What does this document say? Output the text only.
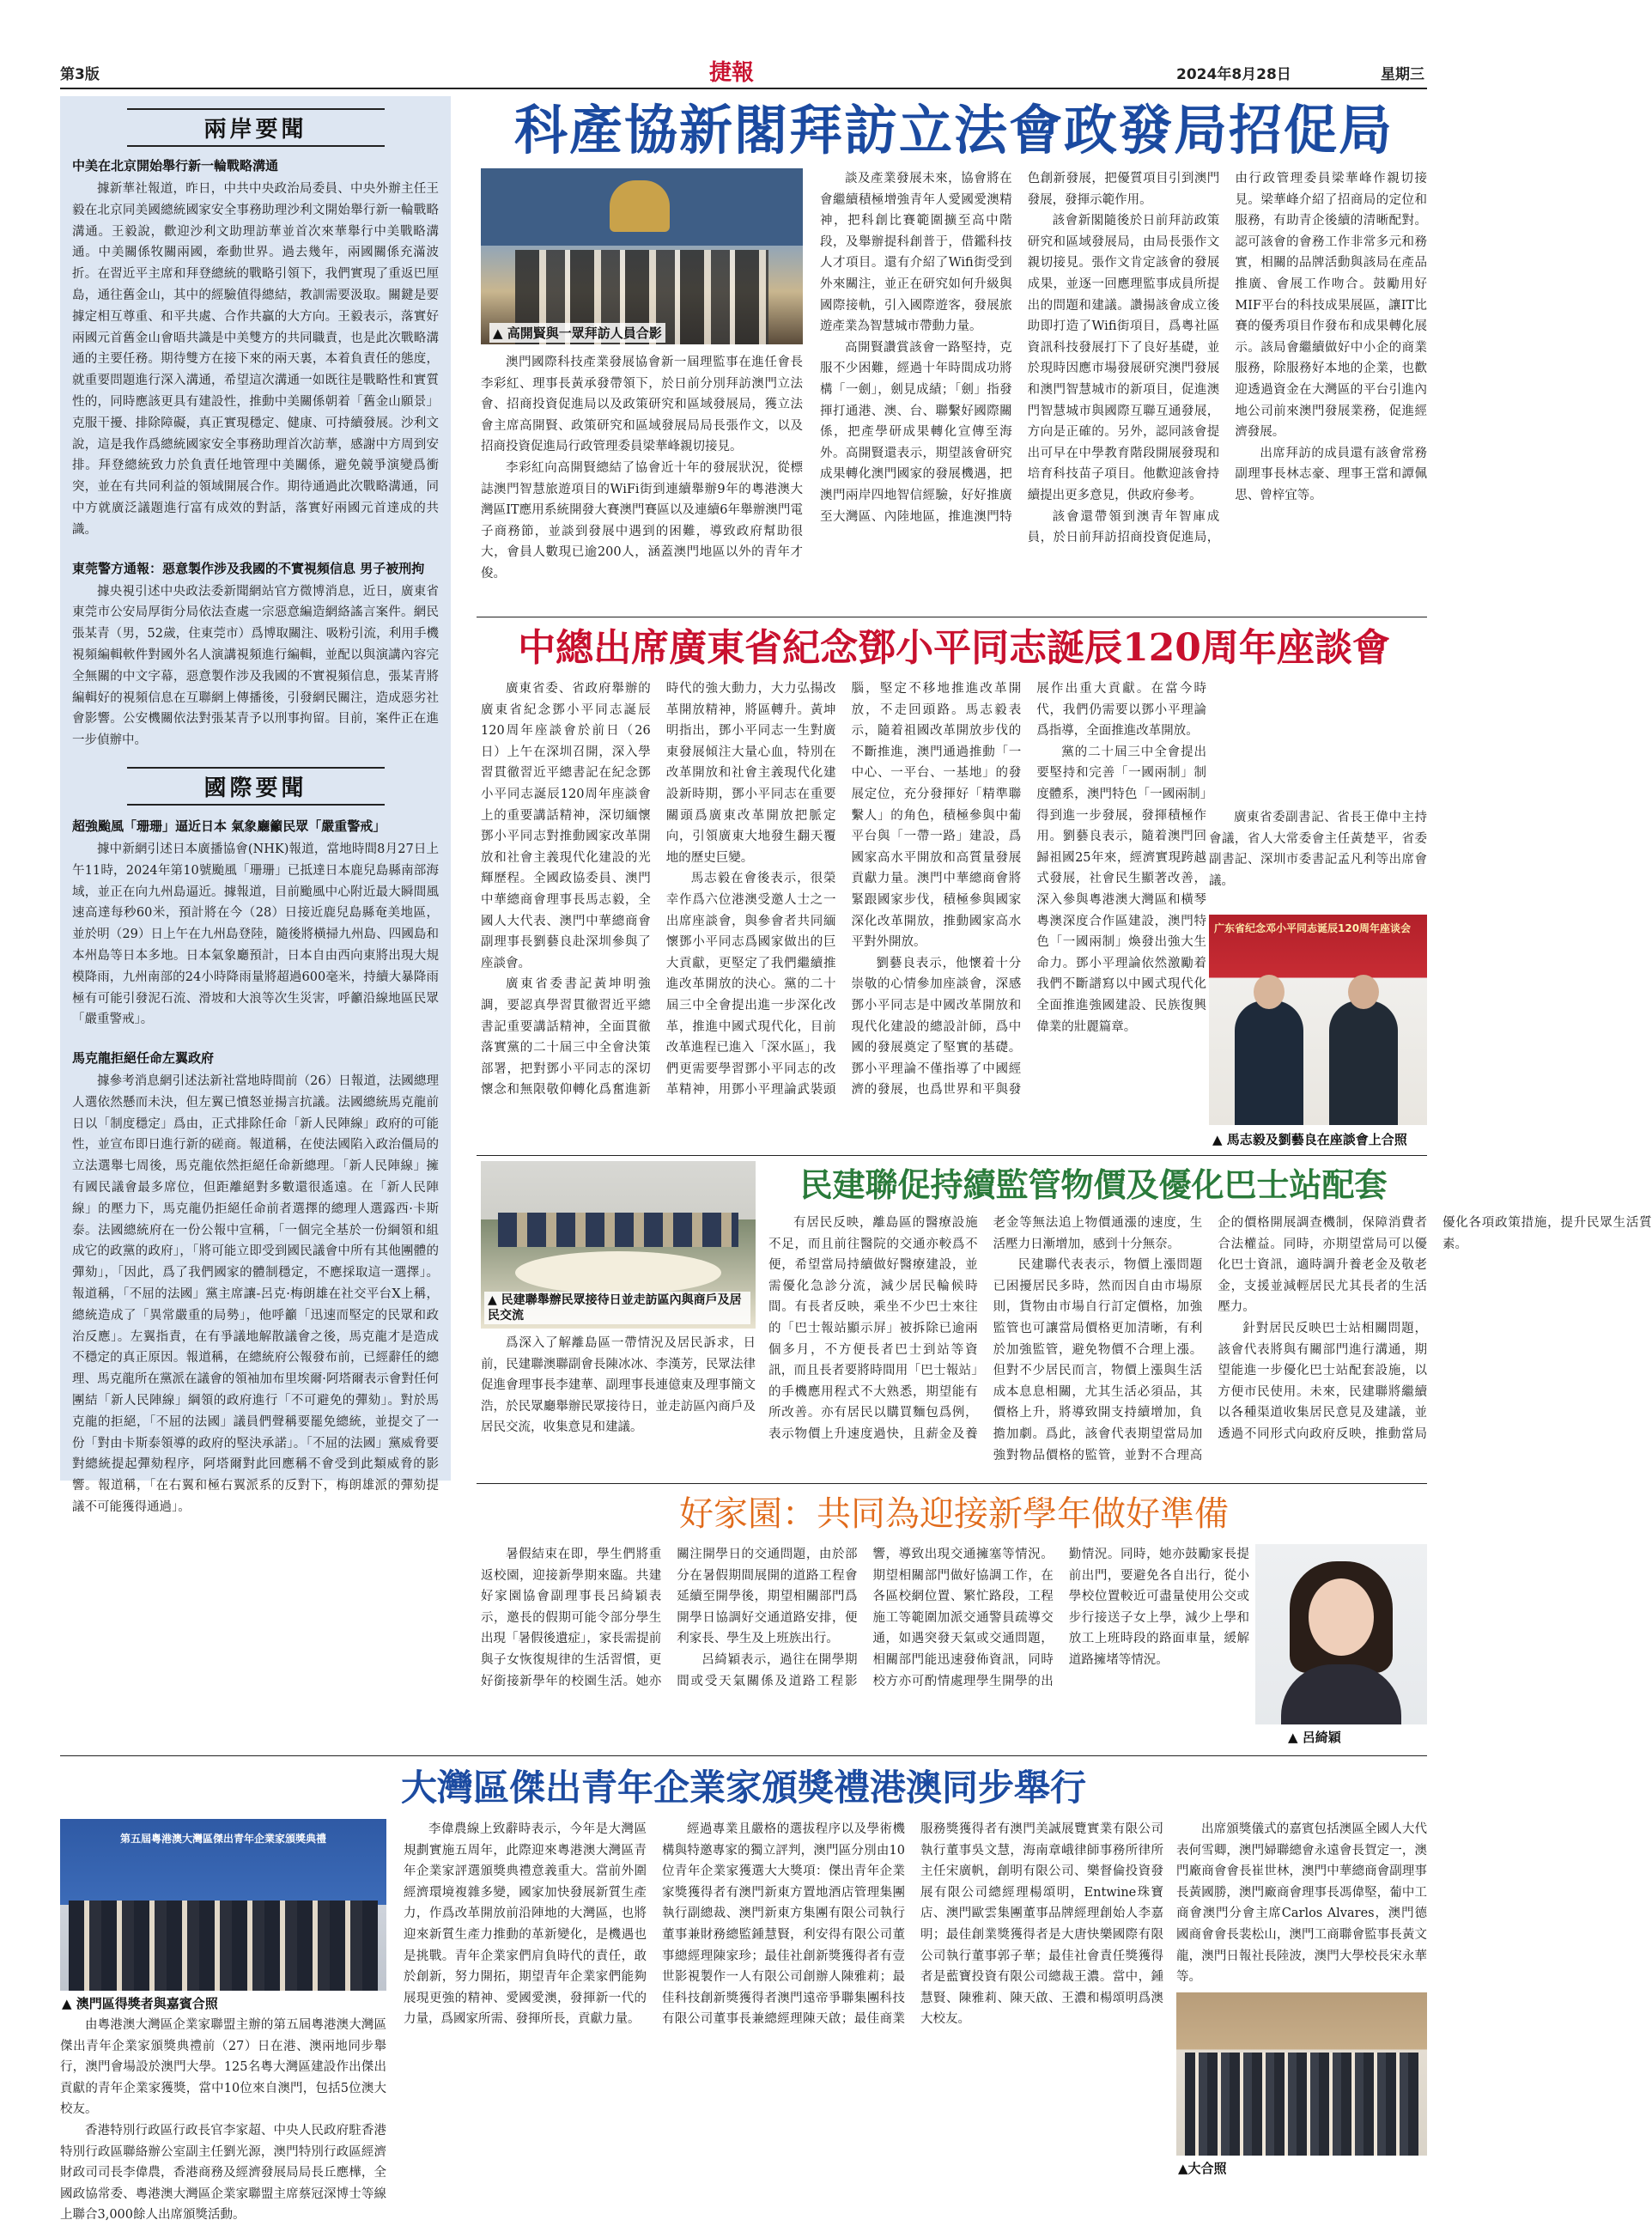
第3版	捷報	2024年8月28日	星期三
兩岸要聞
中美在北京開始舉行新一輪戰略溝通

據新華社報道，昨日，中共中央政治局委員、中央外辦主任王毅在北京同美國總統國家安全事務助理沙利文開始舉行新一輪戰略溝通。王毅說，歡迎沙利文助理訪華並首次來華舉行中美戰略溝通。中美關係牧關兩國，牽動世界。過去幾年，兩國關係充滿波折。在習近平主席和拜登總統的戰略引領下，我們實現了重返巴厘島，通往舊金山，其中的經驗值得總結，教訓需要汲取。關鍵是要據定相互尊重、和平共處、合作共贏的大方向。王毅表示，落實好兩國元首舊金山會晤共識是中美雙方的共同職責，也是此次戰略溝通的主要任務。期待雙方在接下來的兩天裏，本着負責任的態度，就重要問題進行深入溝通，希望這次溝通一如既往是戰略性和實質性的，同時應該更具有建設性，推動中美關係朝着「舊金山願景」克服干擾、排除障礙，真正實現穩定、健康、可持續發展。沙利文說，這是我作爲總統國家安全事務助理首次訪華，感謝中方周到安排。拜登總統致力於負責任地管理中美關係，避免競爭演變爲衝突，並在有共同利益的領域開展合作。期待通過此次戰略溝通，同中方就廣泛議題進行富有成效的對話，落實好兩國元首達成的共識。

東莞警方通報：惡意製作涉及我國的不實視頻信息 男子被刑拘

據央視引述中央政法委新聞網站官方微博消息，近日，廣東省東莞市公安局厚街分局依法查處一宗惡意編造網絡謠言案件。網民張某青（男，52歲，住東莞市）爲博取關注、吸粉引流，利用手機視頻編輯軟件對國外名人演講視頻進行編輯，並配以與演講內容完全無關的中文字幕，惡意製作涉及我國的不實視頻信息，張某青將編輯好的視頻信息在互聯網上傳播後，引發網民關注，造成惡劣社會影響。公安機關依法對張某青予以刑事拘留。目前，案件正在進一步偵辦中。

國際要聞
超強颱風「珊珊」逼近日本 氣象廳籲民眾「嚴重警戒」

據中新網引述日本廣播協會(NHK)報道，當地時間8月27日上午11時，2024年第10號颱風「珊珊」已抵達日本鹿兒島縣南部海域，並正在向九州島逼近。據報道，目前颱風中心附近最大瞬間風速高達每秒60米，預計將在今（28）日接近鹿兒島縣奄美地區，並於明（29）日上午在九州島登陸，隨後將橫掃九州島、四國島和本州島等日本多地。日本氣象廳預計，日本自由西向東將出現大規模降雨，九州南部的24小時降雨量將超過600毫米，持續大暴降雨極有可能引發泥石流、滑坡和大浪等次生災害，呼籲沿線地區民眾「嚴重警戒」。

馬克龍拒絕任命左翼政府

據參考消息網引述法新社當地時間前（26）日報道，法國總理人選依然懸而未決，但左翼已憤怒並揚言抗議。法國總統馬克龍前日以「制度穩定」爲由，正式排除任命「新人民陣線」政府的可能性，並宣布即日進行新的磋商。報道稱，在使法國陷入政治僵局的立法選舉七周後，馬克龍依然拒絕任命新總理。「新人民陣線」擁有國民議會最多席位，但距離絕對多數還很遙遠。在「新人民陣線」的壓力下，馬克龍仍拒絕任命前者選擇的總理人選露西·卡斯泰。法國總統府在一份公報中宣稱，「一個完全基於一份綱領和組成它的政黨的政府」，「將可能立即受到國民議會中所有其他團體的彈劾」，「因此，爲了我們國家的體制穩定，不應採取這一選擇」。報道稱，「不屈的法國」黨主席讓-呂克·梅朗雄在社交平台X上稱，總統造成了「異常嚴重的局勢」，他呼籲「迅速而堅定的民眾和政治反應」。左翼指責，在有爭議地解散議會之後，馬克龍才是造成不穩定的真正原因。報道稱，在總統府公報發布前，已經辭任的總理、馬克龍所在黨派在議會的領袖加布里埃爾·阿塔爾表示會對任何團結「新人民陣線」綱領的政府進行「不可避免的彈劾」。對於馬克龍的拒絕，「不屈的法國」議員們聲稱要罷免總統，並提交了一份「對由卡斯泰領導的政府的堅決承諾」。「不屈的法國」黨威脅要對總統提起彈劾程序，阿塔爾對此回應稱不會受到此類威脅的影響。報道稱，「在右翼和極右翼派系的反對下，梅朗雄派的彈劾提議不可能獲得通過」。

科產協新閣拜訪立法會政發局招促局
▲ 高開賢與一眾拜訪人員合影

澳門國際科技產業發展協會新一屆理監事在進任會長李彩紅、理事長黃承發帶領下，於日前分別拜訪澳門立法會、招商投資促進局以及政策研究和區域發展局，獲立法會主席高開賢、政策研究和區域發展局局長張作文，以及招商投資促進局行政管理委員梁華峰親切接見。

李彩紅向高開賢總結了協會近十年的發展狀況，從標誌澳門智慧旅遊項目的WiFi街到連續舉辦9年的粵港澳大灣區IT應用系統開發大賽澳門賽區以及連續6年舉辦澳門電子商務節，並談到發展中遇到的困難，導致政府幫助很大，會員人數現已逾200人，涵蓋澳門地區以外的青年才俊。

談及產業發展未來，協會將在會繼續積極增強青年人愛國愛澳精神，把科創比賽範圍擴至高中階段，及舉辦提科創普于，借鑑科技人才項目。還有介紹了Wifi街受到外來關注，並正在研究如何升級與國際接軌，引入國際遊客，發展旅遊產業為智慧城市帶動力量。

高開賢讚賞該會一路堅持，克服不少困難，經過十年時間成功將構「一劍」，劍見成績；「劍」指發揮打通港、澳、台、聯繫好國際關係，把產學研成果轉化宣傳至海外。高開賢還表示，期望該會研究成果轉化澳門國家的發展機遇，把澳門兩岸四地智信經驗，好好推廣至大灣區、內陸地區，推進澳門特色創新發展，把優質項目引到澳門發展，發揮示範作用。

該會新閣隨後於日前拜訪政策研究和區域發展局，由局長張作文親切接見。張作文肯定該會的發展成果，並逐一回應理監事成員所提出的問題和建議。讚揚該會成立後助即打造了Wifi街項目，爲粵社區資訊科技發展打下了良好基礎，並於現時因應市場發展研究澳門發展和澳門智慧城市的新項目，促進澳門智慧城市與國際互聯互通發展，方向是正確的。另外，認同該會提出可早在中學教育階段開展發現和培育科技苗子項目。他歡迎該會持續提出更多意見，供政府參考。

該會還帶領到澳青年智庫成員，於日前拜訪招商投資促進局，由行政管理委員梁華峰作親切接見。梁華峰介紹了招商局的定位和服務，有助青企後續的清晰配對。認可該會的會務工作非常多元和務實，相關的品牌活動與該局在產品推廣、會展工作吻合。鼓勵用好MIF平台的科技成果展區，讓IT比賽的優秀項目作發布和成果轉化展示。該局會繼續做好中小企的商業服務，除服務好本地的企業，也歡迎透過資金在大灣區的平台引進內地公司前來澳門發展業務，促進經濟發展。

出席拜訪的成員還有該會常務副理事長林志豪、理事王當和譚佩思、曾梓宜等。

中總出席廣東省紀念鄧小平同志誕辰120周年座談會

廣東省委、省政府舉辦的廣東省紀念鄧小平同志誕辰120周年座談會於前日（26日）上午在深圳召開，深入學習貫徹習近平總書記在紀念鄧小平同志誕辰120周年座談會上的重要講話精神，深切緬懷鄧小平同志對推動國家改革開放和社會主義現代化建設的光輝歷程。全國政協委員、澳門中華總商會理事長馬志毅，全國人大代表、澳門中華總商會副理事長劉藝良赴深圳參與了座談會。

廣東省委書記黃坤明強調，要認真學習貫徹習近平總書記重要講話精神，全面貫徹落實黨的二十屆三中全會決策部署，把對鄧小平同志的深切懷念和無限敬仰轉化爲奮進新時代的強大動力，大力弘揚改革開放精神，將區轉升。黃坤明指出，鄧小平同志一生對廣東發展傾注大量心血，特別在改革開放和社會主義現代化建設新時期，鄧小平同志在重要關頭爲廣東改革開放把脈定向，引領廣東大地發生翻天覆地的歷史巨變。

馬志毅在會後表示，很榮幸作爲六位港澳受邀人士之一出席座談會，與參會者共同緬懷鄧小平同志爲國家做出的巨大貢獻，更堅定了我們繼續推進改革開放的決心。黨的二十屆三中全會提出進一步深化改革，推進中國式現代化，目前改革進程已進入「深水區」，我們更需要學習鄧小平同志的改革精神，用鄧小平理論武裝頭腦，堅定不移地推進改革開放，不走回頭路。馬志毅表示，隨着祖國改革開放步伐的不斷推進，澳門通過推動「一中心、一平台、一基地」的發展定位，充分發揮好「精準聯繫人」的角色，積極參與中葡平台與「一帶一路」建設，爲國家高水平開放和高質量發展貢獻力量。澳門中華總商會將緊跟國家步伐，積極參與國家深化改革開放，推動國家高水平對外開放。

劉藝良表示，他懷着十分崇敬的心情參加座談會，深感鄧小平同志是中國改革開放和現代化建設的總設計師，爲中國的發展奠定了堅實的基礎。鄧小平理論不僅指導了中國經濟的發展，也爲世界和平與發展作出重大貢獻。在當今時代，我們仍需要以鄧小平理論爲指導，全面推進改革開放。

黨的二十屆三中全會提出要堅持和完善「一國兩制」制度體系，澳門特色「一國兩制」得到進一步發展，發揮積極作用。劉藝良表示，隨着澳門回歸祖國25年來，經濟實現跨越式發展，社會民生顯著改善，深入參與粵港澳大灣區和橫琴粵澳深度合作區建設，澳門特色「一國兩制」煥發出強大生命力。鄧小平理論依然激勵着我們不斷譜寫以中國式現代化全面推進強國建設、民族復興偉業的壯麗篇章。

廣東省委副書記、省長王偉中主持會議，省人大常委會主任黃楚平，省委副書記、深圳市委書記孟凡利等出席會議。

广东省纪念邓小平同志诞辰120周年座谈会
▲ 馬志毅及劉藝良在座談會上合照
▲ 民建聯舉辦民眾接待日並走訪區內與商戶及居民交流
民建聯促持續監管物價及優化巴士站配套

爲深入了解離島區一帶情況及居民訴求，日前，民建聯澳聯副會長陳冰冰、李漢芳，民眾法律促進會理事長李建華、副理事長連億東及理事簡文浩，於民眾廳舉辦民眾接待日，並走訪區內商戶及居民交流，收集意見和建議。

有居民反映，離島區的醫療設施不足，而且前往醫院的交通亦較爲不便，希望當局持續做好醫療建設，並需優化急診分流，減少居民輪候時間。有長者反映，乘坐不少巴士來往的「巴士報站顯示屏」被拆除已逾兩個多月，不方便長者巴士到站等資訊，而且長者要將時間用「巴士報站」的手機應用程式不大熟悉，期望能有所改善。亦有居民以購買麵包爲例，表示物價上升速度過快，且薪金及養老金等無法追上物價通漲的速度，生活壓力日漸增加，感到十分無奈。

民建聯代表表示，物價上漲問題已困擾居民多時，然而因自由市場原則，貨物由市場自行訂定價格，加強監管也可讓當局價格更加清晰，有利於加強監管，避免物價不合理上漲。但對不少居民而言，物價上漲與生活成本息息相關，尤其生活必須品，其價格上升，將導致開支持續增加，負擔加劇。爲此，該會代表期望當局加強對物品價格的監管，並對不合理高企的價格開展調查機制，保障消費者合法權益。同時，亦期望當局可以優化巴士資訊，適時調升養老金及敬老金，支援並減輕居民尤其長者的生活壓力。

針對居民反映巴士站相關問題，該會代表將與有關部門進行溝通，期望能進一步優化巴士站配套設施，以方便市民使用。未來，民建聯將繼續以各種渠道收集居民意見及建議，並透過不同形式向政府反映，推動當局優化各項政策措施，提升民眾生活質素。

好家園：共同為迎接新學年做好準備

暑假結束在即，學生們將重返校園，迎接新學期來臨。共建好家園協會副理事長呂綺穎表示，邀長的假期可能令部分學生出現「暑假後遺症」，家長需提前與子女恢復規律的生活習慣，更好銜接新學年的校園生活。她亦關注開學日的交通問題，由於部分在暑假期間展開的道路工程會延續至開學後，期望相關部門爲開學日協調好交通道路安排，便利家長、學生及上班族出行。

呂綺穎表示，過往在開學期間或受天氣關係及道路工程影響，導致出現交通擁塞等情況。期望相關部門做好協調工作，在各區校網位置、繁忙路段，工程施工等範圍加派交通警員疏導交通，如遇突發天氣或交通問題，相關部門能迅速發佈資訊，同時校方亦可酌情處理學生開學的出勤情況。同時，她亦鼓勵家長提前出門，要避免各自出行，從小學校位置較近可盡量使用公交或步行接送子女上學，減少上學和放工上班時段的路面車量，緩解道路擁堵等情況。

▲ 呂綺穎
大灣區傑出青年企業家頒獎禮港澳同步舉行
第五屆粵港澳大灣區傑出青年企業家頒獎典禮
▲ 澳門區得獎者與嘉賓合照

由粵港澳大灣區企業家聯盟主辦的第五屆粵港澳大灣區傑出青年企業家頒獎典禮前（27）日在港、澳兩地同步舉行，澳門會場設於澳門大學。125名粵大灣區建設作出傑出貢獻的青年企業家獲獎，當中10位來自澳門，包括5位澳大校友。

香港特別行政區行政長官李家超、中央人民政府駐香港特別行政區聯絡辦公室副主任劉光源，澳門特別行政區經濟財政司司長李偉農，香港商務及經濟發展局局長丘應樺，全國政協常委、粵港澳大灣區企業家聯盟主席蔡冠深博士等線上聯合3,000餘人出席頒獎活動。

李偉農線上致辭時表示，今年是大灣區規劃實施五周年，此際迎來粵港澳大灣區青年企業家評選頒獎典禮意義重大。當前外圍經濟環境複雜多變，國家加快發展新質生產力，作爲改革開放前沿陣地的大灣區，也將迎來新質生產力推動的革新變化，是機遇也是挑戰。青年企業家們肩負時代的責任，敢於創新，努力開拓，期望青年企業家們能夠展現更強的精神、愛國愛澳，發揮新一代的力量，爲國家所需、發揮所長，貢獻力量。

經過專業且嚴格的選拔程序以及學術機構與特邀專家的獨立評判，澳門區分別由10位青年企業家獲選大大獎項：傑出青年企業家獎獲得者有澳門新東方置地酒店管理集團執行副總裁、澳門新東方集團有限公司執行董事兼財務總監鍾慧賢，利安得有限公司董事總經理陳家珍；最佳社創新獎獲得者有壹世影視製作一人有限公司創辦人陳雅莉；最佳科技創新獎獲得者澳門遠帝爭聯集團科技有限公司董事長兼總經理陳天啟；最佳商業服務獎獲得者有澳門美誠展覽實業有限公司執行董事吳文慧，海南章峨律師事務所律所主任宋廣帆，創明有限公司、樂督倫投資發展有限公司總經理楊頌明，Entwine珠寶店、澳門歐雲集團董事品牌經理創始人李嘉明；最佳創業獎獲得者是大唐快樂國際有限公司執行董事郭子華；最佳社會責任獎獲得者是藍寶投資有限公司總裁王濃。當中，鍾慧賢、陳雅莉、陳天啟、王濃和楊頌明爲澳大校友。

出席頒獎儀式的嘉賓包括澳區全國人大代表何雪卿，澳門婦聯總會永遠會長賀定一，澳門廠商會會長崔世林，澳門中華總商會副理事長黃國勝，澳門廠商會理事長馮偉堅，葡中工商會澳門分會主席Carlos Alvares，澳門德國商會會長裴松山，澳門工商聯會監事長黃文龍，澳門日報社長陸波，澳門大學校長宋永華等。

▲大合照
